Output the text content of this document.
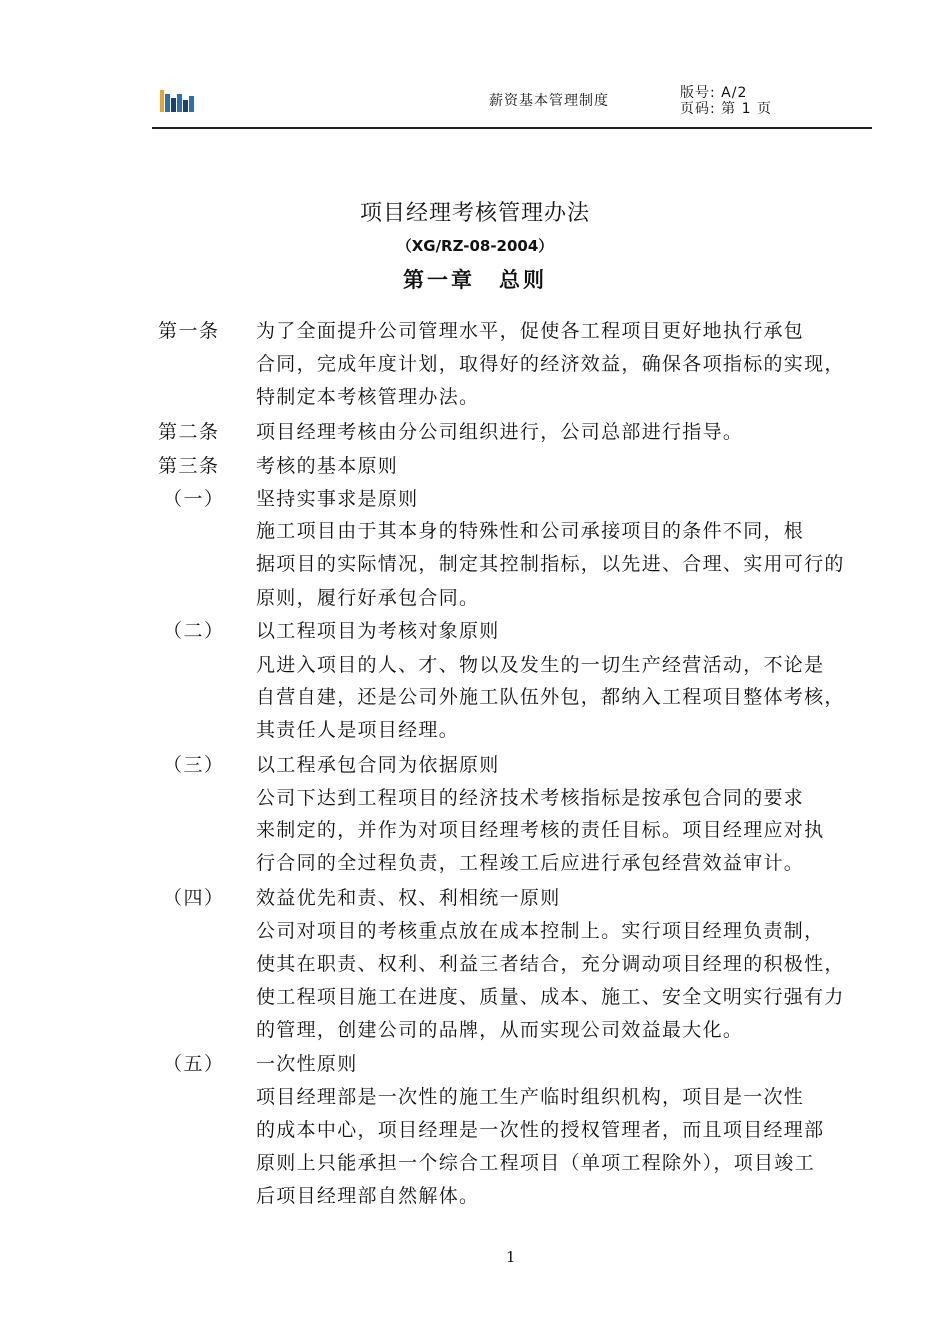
薪资基本管理制度	版号: A/2
页码: 第 1 页
项目经理考核管理办法
（XG/RZ-08-2004）
第一章　总则
第一条 为了全面提升公司管理水平，促使各工程项目更好地执行承包
合同，完成年度计划，取得好的经济效益，确保各项指标的实现，
特制定本考核管理办法。
第二条 项目经理考核由分公司组织进行，公司总部进行指导。
第三条 考核的基本原则
（一） 坚持实事求是原则
施工项目由于其本身的特殊性和公司承接项目的条件不同，根
据项目的实际情况，制定其控制指标，以先进、合理、实用可行的
原则，履行好承包合同。
（二） 以工程项目为考核对象原则
凡进入项目的人、才、物以及发生的一切生产经营活动，不论是
自营自建，还是公司外施工队伍外包，都纳入工程项目整体考核，
其责任人是项目经理。
（三） 以工程承包合同为依据原则
公司下达到工程项目的经济技术考核指标是按承包合同的要求
来制定的，并作为对项目经理考核的责任目标。项目经理应对执
行合同的全过程负责，工程竣工后应进行承包经营效益审计。
（四） 效益优先和责、权、利相统一原则
公司对项目的考核重点放在成本控制上。实行项目经理负责制，
使其在职责、权利、利益三者结合，充分调动项目经理的积极性，
使工程项目施工在进度、质量、成本、施工、安全文明实行强有力
的管理，创建公司的品牌，从而实现公司效益最大化。
（五） 一次性原则
项目经理部是一次性的施工生产临时组织机构，项目是一次性
的成本中心，项目经理是一次性的授权管理者，而且项目经理部
原则上只能承担一个综合工程项目（单项工程除外），项目竣工
后项目经理部自然解体。
1
